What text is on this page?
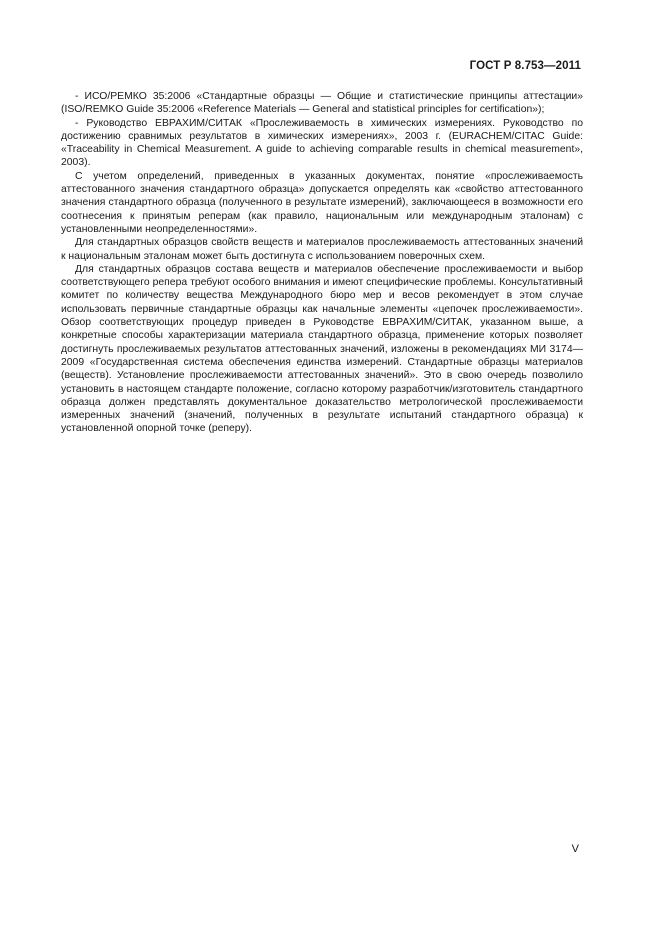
ГОСТ Р 8.753—2011

- ИСО/РЕМКО 35:2006 «Стандартные образцы — Общие и статистические принципы аттестации» (ISO/REMKO Guide 35:2006 «Reference Materials — General and statistical principles for certification»);

- Руководство ЕВРАХИМ/СИТАК «Прослеживаемость в химических измерениях. Руководство по достижению сравнимых результатов в химических измерениях», 2003 г. (EURACHEM/CITAC Guide: «Traceability in Chemical Measurement. A guide to achieving comparable results in chemical measurement», 2003).

С учетом определений, приведенных в указанных документах, понятие «прослеживаемость аттестованного значения стандартного образца» допускается определять как «свойство аттестованного значения стандартного образца (полученного в результате измерений), заключающееся в возможности его соотнесения к принятым реперам (как правило, национальным или международным эталонам) с установленными неопределенностями».

Для стандартных образцов свойств веществ и материалов прослеживаемость аттестованных значений к национальным эталонам может быть достигнута с использованием поверочных схем.

Для стандартных образцов состава веществ и материалов обеспечение прослеживаемости и выбор соответствующего репера требуют особого внимания и имеют специфические проблемы. Консультативный комитет по количеству вещества Международного бюро мер и весов рекомендует в этом случае использовать первичные стандартные образцы как начальные элементы «цепочек прослеживаемости». Обзор соответствующих процедур приведен в Руководстве ЕВРАХИМ/СИТАК, указанном выше, а конкретные способы характеризации материала стандартного образца, применение которых позволяет достигнуть прослеживаемых результатов аттестованных значений, изложены в рекомендациях МИ 3174—2009 «Государственная система обеспечения единства измерений. Стандартные образцы материалов (веществ). Установление прослеживаемости аттестованных значений». Это в свою очередь позволило установить в настоящем стандарте положение, согласно которому разработчик/изготовитель стандартного образца должен представлять документальное доказательство метрологической прослеживаемости измеренных значений (значений, полученных в результате испытаний стандартного образца) к установленной опорной точке (реперу).

V
